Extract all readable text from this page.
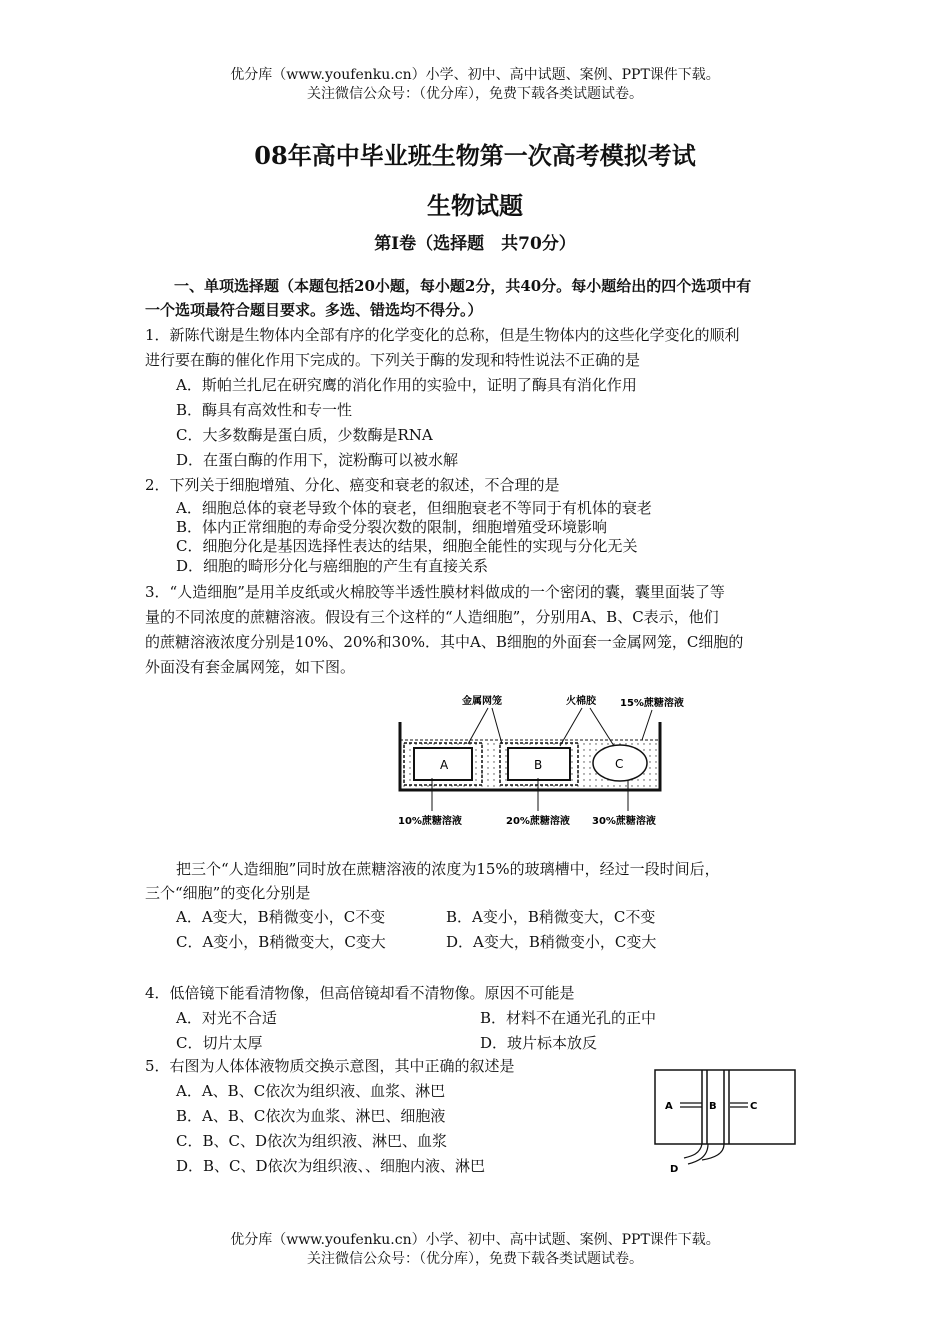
优分库（www.youfenku.cn）小学、初中、高中试题、案例、PPT课件下载。
关注微信公众号：（优分库），免费下载各类试题试卷。
08年高中毕业班生物第一次高考模拟考试
生物试题
第Ⅰ卷（选择题　共70分）
一、单项选择题（本题包括20小题，每小题2分，共40分。每小题给出的四个选项中有
一个选项最符合题目要求。多选、错选均不得分。）
1．新陈代谢是生物体内全部有序的化学变化的总称，但是生物体内的这些化学变化的顺利
进行要在酶的催化作用下完成的。下列关于酶的发现和特性说法不正确的是
A．斯帕兰扎尼在研究鹰的消化作用的实验中，证明了酶具有消化作用
B．酶具有高效性和专一性
C．大多数酶是蛋白质，少数酶是RNA
D．在蛋白酶的作用下，淀粉酶可以被水解
2．下列关于细胞增殖、分化、癌变和衰老的叙述，不合理的是
A．细胞总体的衰老导致个体的衰老，但细胞衰老不等同于有机体的衰老
B．体内正常细胞的寿命受分裂次数的限制，细胞增殖受环境影响
C．细胞分化是基因选择性表达的结果，细胞全能性的实现与分化无关
D．细胞的畸形分化与癌细胞的产生有直接关系
3．“人造细胞”是用羊皮纸或火棉胶等半透性膜材料做成的一个密闭的囊，囊里面装了等
量的不同浓度的蔗糖溶液。假设有三个这样的“人造细胞”，分别用A、B、C表示，他们
的蔗糖溶液浓度分别是10%、20%和30%．其中A、B细胞的外面套一金属网笼，C细胞的
外面没有套金属网笼，如下图。
A	B	C
金属网笼	火棉胶 15%蔗糖溶液
10%蔗糖溶液	20%蔗糖溶液 30%蔗糖溶液
把三个“人造细胞”同时放在蔗糖溶液的浓度为15%的玻璃槽中，经过一段时间后，
三个“细胞”的变化分别是
A．A变大，B稍微变小，C不变	B．A变小，B稍微变大，C不变
C．A变小，B稍微变大，C变大	D．A变大，B稍微变小，C变大
4．低倍镜下能看清物像，但高倍镜却看不清物像。原因不可能是
A．对光不合适	B．材料不在通光孔的正中
C．切片太厚	D．玻片标本放反
5．右图为人体体液物质交换示意图，其中正确的叙述是
A．A、B、C依次为组织液、血浆、淋巴
B．A、B、C依次为血浆、淋巴、细胞液
C．B、C、D依次为组织液、淋巴、血浆
D．B、C、D依次为组织液、、细胞内液、淋巴
A	B	C
D
优分库（www.youfenku.cn）小学、初中、高中试题、案例、PPT课件下载。
关注微信公众号：（优分库），免费下载各类试题试卷。
